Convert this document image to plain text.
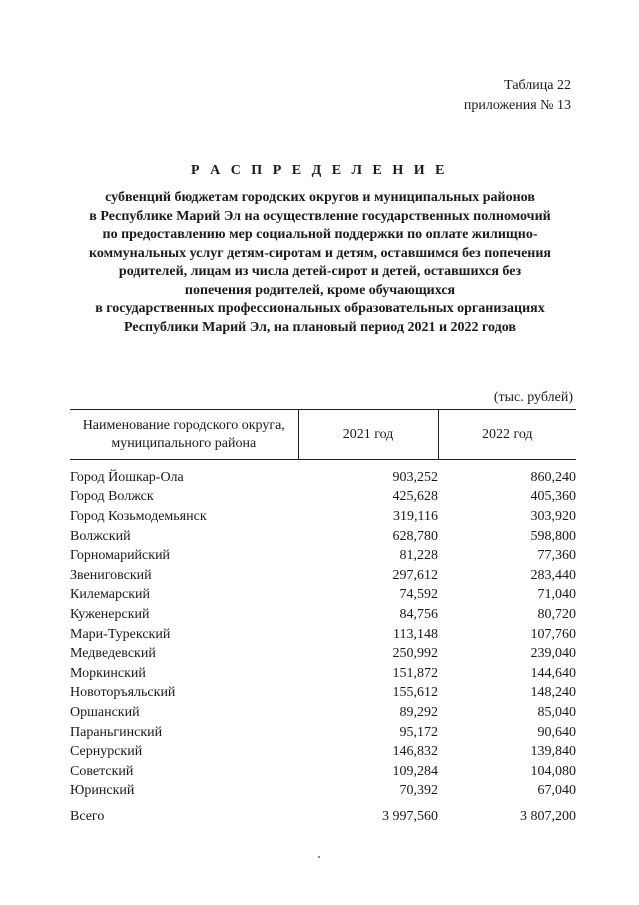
Таблица 22
приложения № 13
Р А С П Р Е Д Е Л Е Н И Е
субвенций бюджетам городских округов и муниципальных районов
в Республике Марий Эл на осуществление государственных полномочий
по предоставлению мер социальной поддержки по оплате жилищно-
коммунальных услуг детям-сиротам и детям, оставшимся без попечения
родителей, лицам из числа детей-сирот и детей, оставшихся без
попечения родителей, кроме обучающихся
в государственных профессиональных образовательных организациях
Республики Марий Эл, на плановый период 2021 и 2022 годов
(тыс. рублей)
Наименование городского округа,
муниципального района	2021 год	2022 год
Город Йошкар-Ола	903,252	860,240
Город Волжск	425,628	405,360
Город Козьмодемьянск	319,116	303,920
Волжский	628,780	598,800
Горномарийский	81,228	77,360
Звениговский	297,612	283,440
Килемарский	74,592	71,040
Куженерский	84,756	80,720
Мари-Турекский	113,148	107,760
Медведевский	250,992	239,040
Моркинский	151,872	144,640
Новоторъяльский	155,612	148,240
Оршанский	89,292	85,040
Параньгинский	95,172	90,640
Сернурский	146,832	139,840
Советский	109,284	104,080
Юринский	70,392	67,040
Всего	3 997,560	3 807,200
